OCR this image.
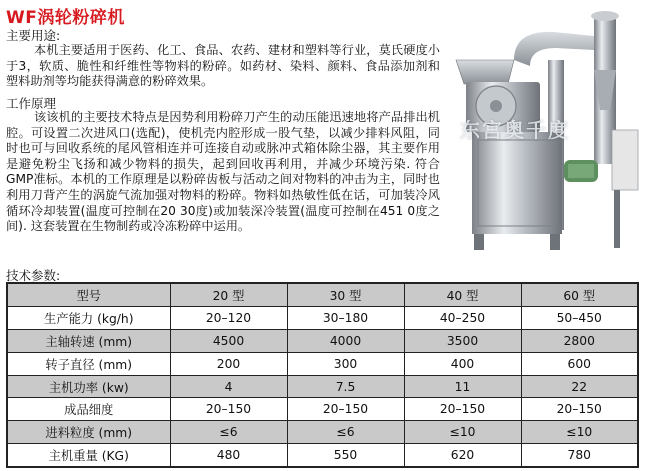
WF涡轮粉碎机
主要用途:
本机主要适用于医药、化工、食品、农药、建材和塑料等行业，莫氏硬度小于3，软质、脆性和纤维性等物料的粉碎。如药材、染料、颜料、食品添加剂和塑料助剂等均能获得满意的粉碎效果。
工作原理
该该机的主要技术特点是因势利用粉碎刀产生的动压能迅速地将产品排出机腔。可设置二次进风口(选配)，使机壳内腔形成一股气垫，以减少排料风阻，同时也可与回收系统的尾风管相连并可连接自动或脉冲式箱体除尘器，其主要作用是避免粉尘飞扬和减少物料的损失，起到回收再利用，并减少环境污染. 符合GMP准标。本机的工作原理是以粉碎齿板与活动之间对物料的冲击为主，同时也利用刀背产生的涡旋气流加强对物料的粉碎。物料如热敏性低在话，可加装冷风循环冷却装置(温度可控制在20 30度)或加装深冷装置(温度可控制在451 0度之间). 这套装置在生物制药或冷冻粉碎中运用。
技术参数:
东宫奥千度
型号	20 型	30 型	40 型	60 型
生产能力 (kg/h)	20–120	30–180	40–250	50–450
主轴转速 (mm)	4500	4000	3500	2800
转子直径 (mm)	200	300	400	600
主机功率 (kw)	4	7.5	11	22
成品细度	20–150	20–150	20–150	20–150
进料粒度 (mm)	≤6	≤6	≤10	≤10
主机重量 (KG)	480	550	620	780
